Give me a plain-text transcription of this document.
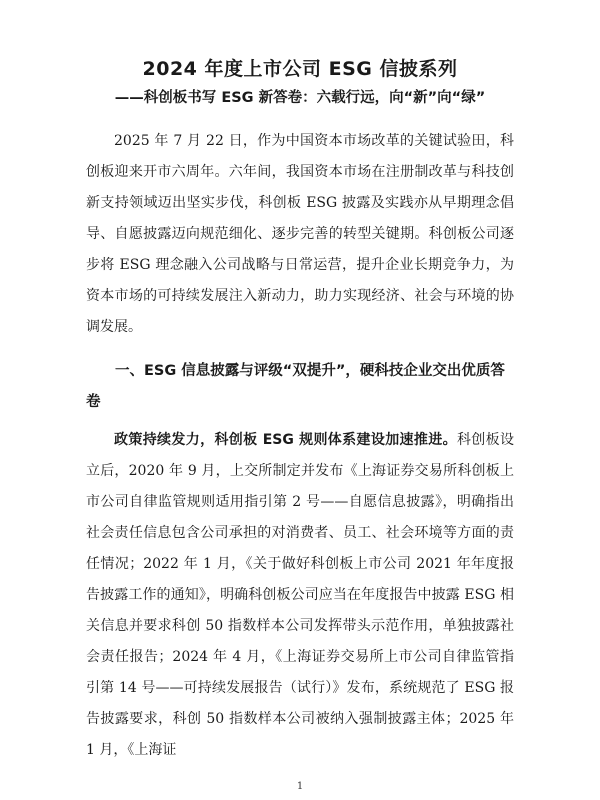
2024 年度上市公司 ESG 信披系列
——科创板书写 ESG 新答卷：六载行远，向“新”向“绿”
2025 年 7 月 22 日，作为中国资本市场改革的关键试验田，科创板迎来开市六周年。六年间，我国资本市场在注册制改革与科技创新支持领域迈出坚实步伐，科创板 ESG 披露及实践亦从早期理念倡导、自愿披露迈向规范细化、逐步完善的转型关键期。科创板公司逐步将 ESG 理念融入公司战略与日常运营，提升企业长期竞争力，为资本市场的可持续发展注入新动力，助力实现经济、社会与环境的协调发展。
一、ESG 信息披露与评级“双提升”，硬科技企业交出优质答卷
政策持续发力，科创板 ESG 规则体系建设加速推进。科创板设立后，2020 年 9 月，上交所制定并发布《上海证券交易所科创板上市公司自律监管规则适用指引第 2 号——自愿信息披露》，明确指出社会责任信息包含公司承担的对消费者、员工、社会环境等方面的责任情况；2022 年 1 月，《关于做好科创板上市公司 2021 年年度报告披露工作的通知》，明确科创板公司应当在年度报告中披露 ESG 相关信息并要求科创 50 指数样本公司发挥带头示范作用，单独披露社会责任报告；2024 年 4 月，《上海证券交易所上市公司自律监管指引第 14 号——可持续发展报告（试行）》发布，系统规范了 ESG 报告披露要求，科创 50 指数样本公司被纳入强制披露主体；2025 年 1 月，《上海证
1
